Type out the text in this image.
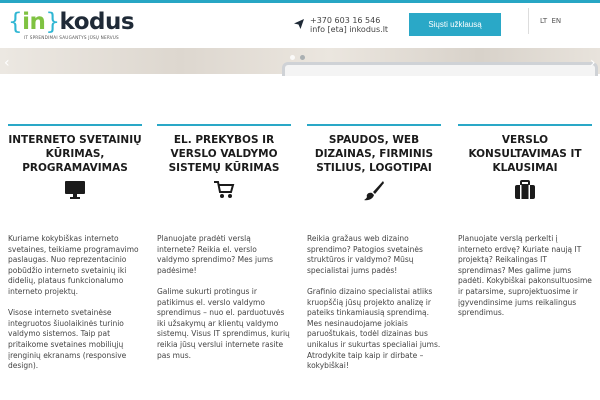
{in}kodus
IT SPRENDIMAI SAUGANTYS JŪSŲ NERVUS
+370 603 16 546
info [eta] inkodus.lt
Siųsti užklausą	LT EN
‹	›
INTERNETO SVETAINIŲ KŪRIMAS, PROGRAMAVIMAS

Kuriame kokybiškas interneto svetaines, teikiame programavimo paslaugas. Nuo reprezentacinio pobūdžio interneto svetainių iki didelių, plataus funkcionalumo interneto projektų.

Visose interneto svetainėse integruotos šiuolaikinės turinio valdymo sistemos. Taip pat pritaikome svetaines mobiliųjų įrenginių ekranams (responsive design).

EL. PREKYBOS IR VERSLO VALDYMO SISTEMŲ KŪRIMAS

Planuojate pradėti verslą internete? Reikia el. verslo valdymo sprendimo? Mes jums padėsime!

Galime sukurti protingus ir patikimus el. verslo valdymo sprendimus – nuo el. parduotuvės iki užsakymų ar klientų valdymo sistemų. Visus IT sprendimus, kurių reikia jūsų verslui internete rasite pas mus.

SPAUDOS, WEB DIZAINAS, FIRMINIS STILIUS, LOGOTIPAI

Reikia gražaus web dizaino sprendimo? Patogios svetainės struktūros ir valdymo? Mūsų specialistai jums padės!

Grafinio dizaino specialistai atliks kruopščią jūsų projekto analizę ir pateiks tinkamiausią sprendimą. Mes nesinaudojame jokiais paruoštukais, todėl dizainas bus unikalus ir sukurtas specialiai jums. Atrodykite taip kaip ir dirbate – kokybiškai!

VERSLO KONSULTAVIMAS IT KLAUSIMAI

Planuojate verslą perkelti į interneto erdvę? Kuriate naują IT projektą? Reikalingas IT sprendimas? Mes galime jums padėti. Kokybiškai pakonsultuosime ir patarsime, suprojektuosime ir įgyvendinsime jums reikalingus sprendimus.
